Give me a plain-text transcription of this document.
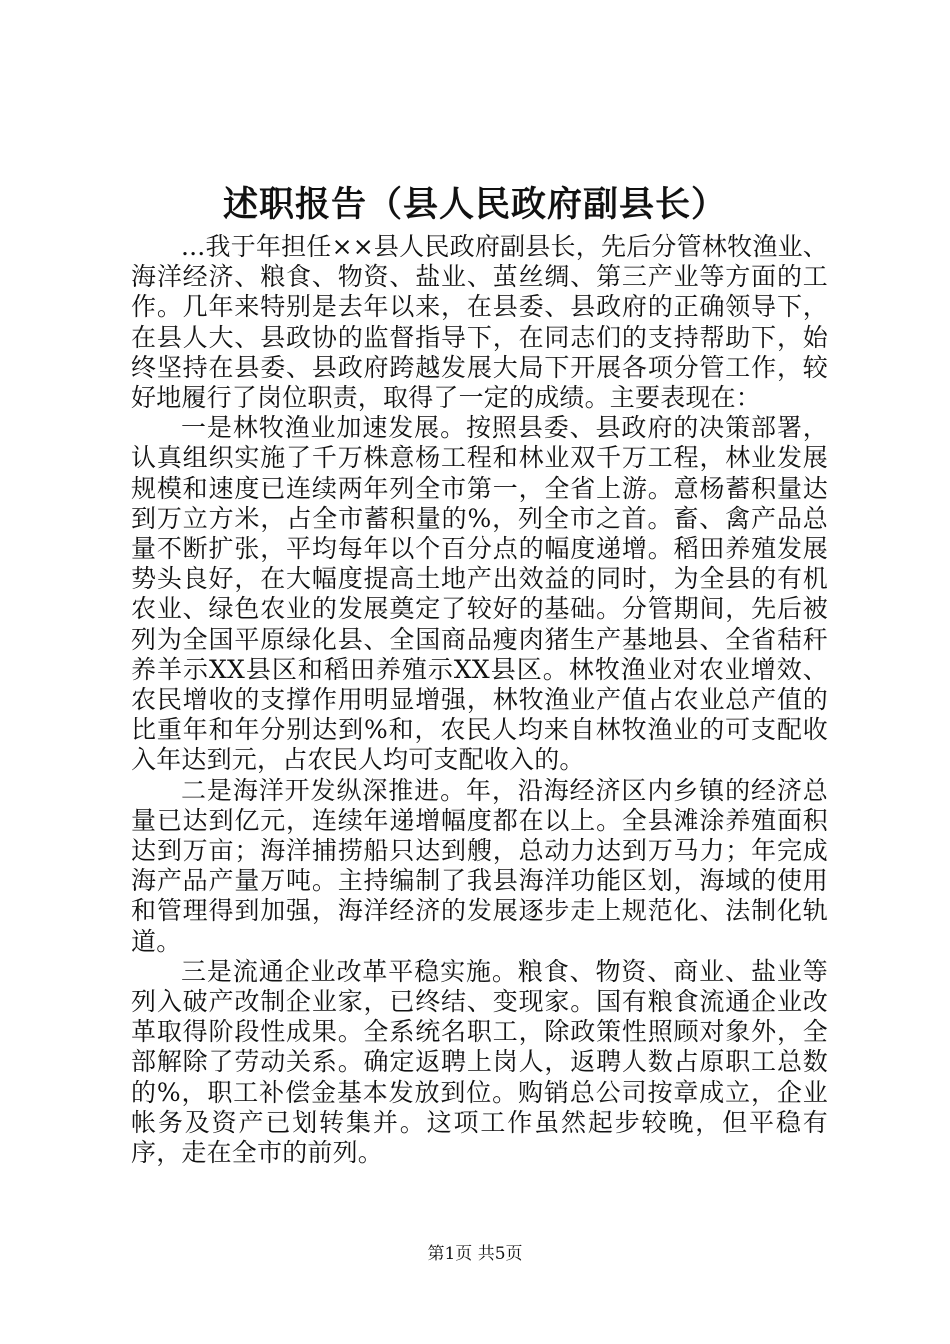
述职报告（县人民政府副县长）

...我于年担任××县人民政府副县长，先后分管林牧渔业、海洋经济、粮食、物资、盐业、茧丝绸、第三产业等方面的工作。几年来特别是去年以来，在县委、县政府的正确领导下，在县人大、县政协的监督指导下，在同志们的支持帮助下，始终坚持在县委、县政府跨越发展大局下开展各项分管工作，较好地履行了岗位职责，取得了一定的成绩。主要表现在：

一是林牧渔业加速发展。按照县委、县政府的决策部署，认真组织实施了千万株意杨工程和林业双千万工程，林业发展规模和速度已连续两年列全市第一，全省上游。意杨蓄积量达到万立方米，占全市蓄积量的%，列全市之首。畜、禽产品总量不断扩张，平均每年以个百分点的幅度递增。稻田养殖发展势头良好，在大幅度提高土地产出效益的同时，为全县的有机农业、绿色农业的发展奠定了较好的基础。分管期间，先后被列为全国平原绿化县、全国商品瘦肉猪生产基地县、全省秸秆养羊示XX县区和稻田养殖示XX县区。林牧渔业对农业增效、农民增收的支撑作用明显增强，林牧渔业产值占农业总产值的比重年和年分别达到%和，农民人均来自林牧渔业的可支配收入年达到元，占农民人均可支配收入的。

二是海洋开发纵深推进。年，沿海经济区内乡镇的经济总量已达到亿元，连续年递增幅度都在以上。全县滩涂养殖面积达到万亩；海洋捕捞船只达到艘，总动力达到万马力；年完成海产品产量万吨。主持编制了我县海洋功能区划，海域的使用和管理得到加强，海洋经济的发展逐步走上规范化、法制化轨道。

三是流通企业改革平稳实施。粮食、物资、商业、盐业等列入破产改制企业家，已终结、变现家。国有粮食流通企业改革取得阶段性成果。全系统名职工，除政策性照顾对象外，全部解除了劳动关系。确定返聘上岗人，返聘人数占原职工总数的%，职工补偿金基本发放到位。购销总公司按章成立，企业帐务及资产已划转集并。这项工作虽然起步较晚，但平稳有序，走在全市的前列。

第1页 共5页
